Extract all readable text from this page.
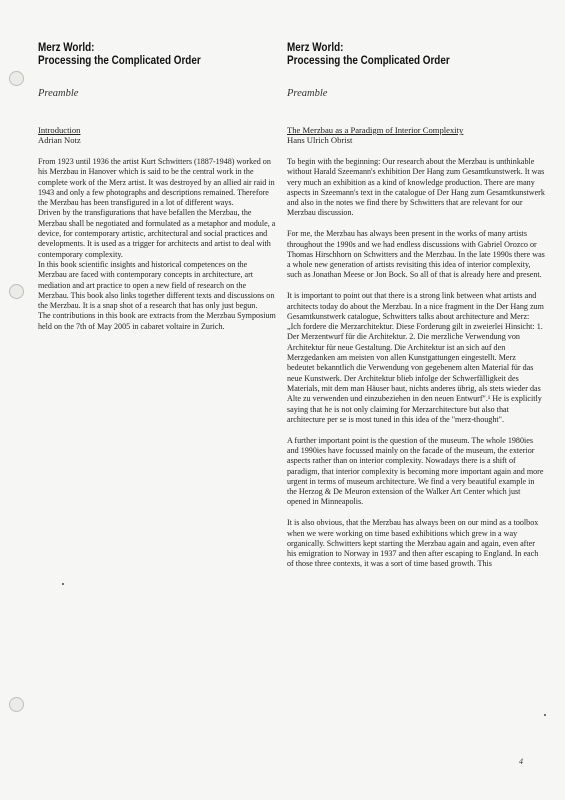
Merz World:
Processing the Complicated Order
Preamble
Introduction
Adrian Notz

From 1923 until 1936 the artist Kurt Schwitters (1887-1948) worked on his Merzbau in Hanover which is said to be the central work in the complete work of the Merz artist. It was destroyed by an allied air raid in 1943 and only a few photographs and descriptions remained. Therefore the Merzbau has been transfigured in a lot of different ways.

Driven by the transfigurations that have befallen the Merzbau, the Merzbau shall be negotiated and formulated as a metaphor and module, a device, for contemporary artistic, architectural and social practices and developments. It is used as a trigger for architects and artist to deal with contemporary complexity.

In this book scientific insights and historical competences on the Merzbau are faced with contemporary concepts in architecture, art mediation and art practice to open a new field of research on the Merzbau. This book also links together different texts and discussions on the Merzbau. It is a snap shot of a research that has only just begun.

The contributions in this book are extracts from the Merzbau Symposium held on the 7th of May 2005 in cabaret voltaire in Zurich.

Merz World:
Processing the Complicated Order
Preamble
The Merzbau as a Paradigm of Interior Complexity
Hans Ulrich Obrist

To begin with the beginning: Our research about the Merzbau is unthinkable without Harald Szeemann's exhibition Der Hang zum Gesamtkunstwerk. It was very much an exhibition as a kind of knowledge production. There are many aspects in Szeemann's text in the catalogue of Der Hang zum Gesamtkunstwerk and also in the notes we find there by Schwitters that are relevant for our Merzbau discussion.

For me, the Merzbau has always been present in the works of many artists throughout the 1990s and we had endless discussions with Gabriel Orozco or Thomas Hirschhorn on Schwitters and the Merzbau. In the late 1990s there was a whole new generation of artists revisiting this idea of interior complexity, such as Jonathan Meese or Jon Bock. So all of that is already here and present.

It is important to point out that there is a strong link between what artists and architects today do about the Merzbau. In a nice fragment in the Der Hang zum Gesamtkunstwerk catalogue, Schwitters talks about architecture and Merz: „Ich fordere die Merzarchitektur. Diese Forderung gilt in zweierlei Hinsicht: 1. Der Merzentwurf für die Architektur. 2. Die merzliche Verwendung von Architektur für neue Gestaltung. Die Architektur ist an sich auf den Merzgedanken am meisten von allen Kunstgattungen eingestellt. Merz bedeutet bekanntlich die Verwendung von gegebenem alten Material für das neue Kunstwerk. Der Architektur blieb infolge der Schwerfälligkeit des Materials, mit dem man Häuser baut, nichts anderes übrig, als stets wieder das Alte zu verwenden und einzubeziehen in den neuen Entwurf".¹ He is explicitly saying that he is not only claiming for Merzarchitecture but also that architecture per se is most tuned in this idea of the "merz-thought".

A further important point is the question of the museum. The whole 1980ies and 1990ies have focussed mainly on the facade of the museum, the exterior aspects rather than on interior complexity. Nowadays there is a shift of paradigm, that interior complexity is becoming more important again and more urgent in terms of museum architecture. We find a very beautiful example in the Herzog & De Meuron extension of the Walker Art Center which just opened in Minneapolis.

It is also obvious, that the Merzbau has always been on our mind as a toolbox when we were working on time based exhibitions which grew in a way organically. Schwitters kept starting the Merzbau again and again, even after his emigration to Norway in 1937 and then after escaping to England. In each of those three contexts, it was a sort of time based growth. This

4
